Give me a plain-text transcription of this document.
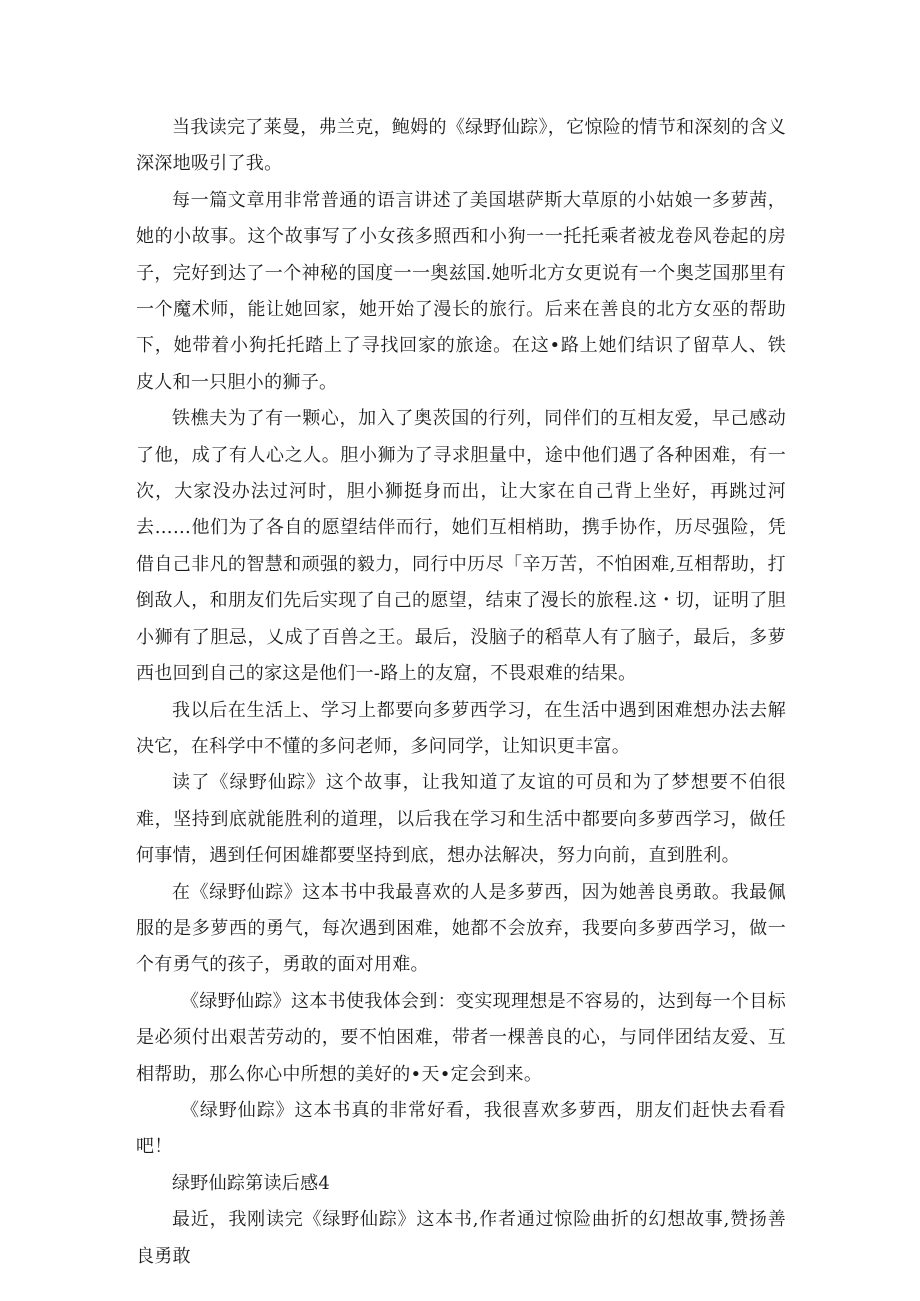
当我读完了莱曼，弗兰克，鲍姆的《绿野仙踪》，它惊险的情节和深刻的含义深深地吸引了我。

每一篇文章用非常普通的语言讲述了美国堪萨斯大草原的小姑娘一多萝茜，她的小故事。这个故事写了小女孩多照西和小狗一一托托乘者被龙卷风卷起的房子，完好到达了一个神秘的国度一一奥兹国.她听北方女更说有一个奥芝国那里有一个魔术师，能让她回家，她开始了漫长的旅行。后来在善良的北方女巫的帮助下，她带着小狗托托踏上了寻找回家的旅途。在这•路上她们结识了留草人、铁皮人和一只胆小的狮子。

铁樵夫为了有一颗心，加入了奥茨国的行列，同伴们的互相友爱，早己感动了他，成了有人心之人。胆小狮为了寻求胆量中，途中他们遇了各种困难，有一次，大家没办法过河时，胆小狮挺身而出，让大家在自己背上坐好，再跳过河去……他们为了各自的愿望结伴而行，她们互相梢助，携手协作，历尽强险，凭借自己非凡的智慧和顽强的毅力，同行中历尽「辛万苦，不怕困难,互相帮助，打倒敌人，和朋友们先后实现了自己的愿望，结束了漫长的旅程.这・切，证明了胆小狮有了胆忌，乂成了百兽之王。最后，没脑子的稻草人有了脑子，最后，多萝西也回到自己的家这是他们一-路上的友窟，不畏艰难的结果。

我以后在生活上、学习上都要向多萝西学习，在生活中遇到困难想办法去解决它，在科学中不懂的多问老师，多问同学，让知识更丰富。

读了《绿野仙踪》这个故事，让我知道了友谊的可员和为了梦想要不伯很难，坚持到底就能胜利的道理，以后我在学习和生活中都要向多萝西学习，做任何事情，遇到任何困雄都要坚持到底，想办法解决，努力向前，直到胜利。

在《绿野仙踪》这本书中我最喜欢的人是多萝西，因为她善良勇敢。我最佩服的是多萝西的勇气，每次遇到困难，她都不会放弃，我要向多萝西学习，做一个有勇气的孩子，勇敢的面对用难。

《绿野仙踪》这本书使我体会到：变实现理想是不容易的，达到每一个目标是必须付出艰苦劳动的，要不怕困难，带者一棵善良的心，与同伴团结友爱、互相帮助，那么你心中所想的美好的•天•定会到来。

《绿野仙踪》这本书真的非常好看，我很喜欢多萝西，朋友们赶快去看看吧！

绿野仙踪第读后感4

最近，我刚读完《绿野仙踪》这本书,作者通过惊险曲折的幻想故事,赞扬善良勇敢
